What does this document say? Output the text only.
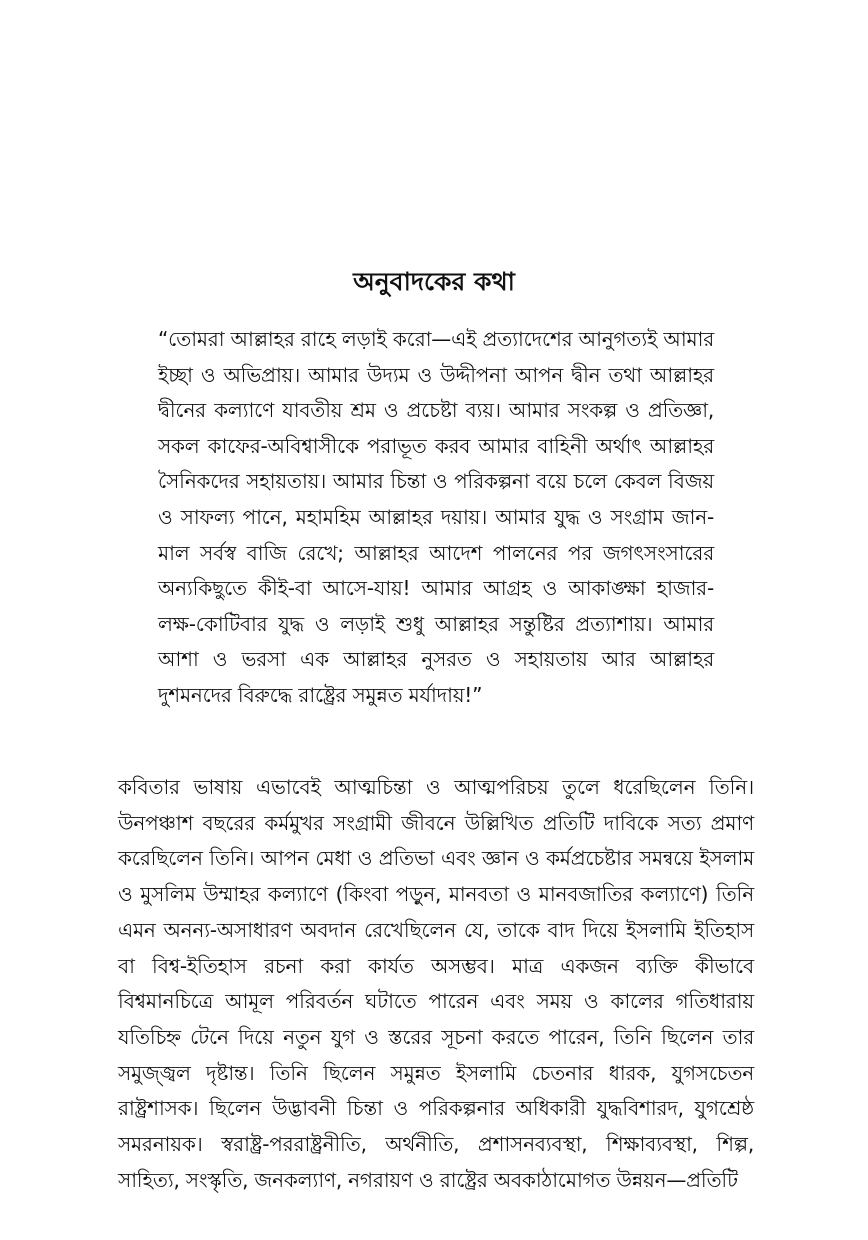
অনুবাদকের কথা

“তোমরা আল্লাহর রাহে লড়াই করো—এই প্রত্যাদেশের আনুগত্যই আমার ইচ্ছা ও অভিপ্রায়। আমার উদ্যম ও উদ্দীপনা আপন দ্বীন তথা আল্লাহর দ্বীনের কল্যাণে যাবতীয় শ্রম ও প্রচেষ্টা ব্যয়। আমার সংকল্প ও প্রতিজ্ঞা, সকল কাফের-অবিশ্বাসীকে পরাভূত করব আমার বাহিনী অর্থাৎ আল্লাহর সৈনিকদের সহায়তায়। আমার চিন্তা ও পরিকল্পনা বয়ে চলে কেবল বিজয় ও সাফল্য পানে, মহামহিম আল্লাহর দয়ায়। আমার যুদ্ধ ও সংগ্রাম জান-মাল সর্বস্ব বাজি রেখে; আল্লাহর আদেশ পালনের পর জগৎসংসারের অন্যকিছুতে কীই-বা আসে-যায়! আমার আগ্রহ ও আকাঙ্ক্ষা হাজার-লক্ষ-কোটিবার যুদ্ধ ও লড়াই শুধু আল্লাহর সন্তুষ্টির প্রত্যাশায়। আমার আশা ও ভরসা এক আল্লাহর নুসরত ও সহায়তায় আর আল্লাহর দুশমনদের বিরুদ্ধে রাষ্ট্রের সমুন্নত মর্যাদায়!”

কবিতার ভাষায় এভাবেই আত্মচিন্তা ও আত্মপরিচয় তুলে ধরেছিলেন তিনি। উনপঞ্চাশ বছরের কর্মমুখর সংগ্রামী জীবনে উল্লিখিত প্রতিটি দাবিকে সত্য প্রমাণ করেছিলেন তিনি। আপন মেধা ও প্রতিভা এবং জ্ঞান ও কর্মপ্রচেষ্টার সমন্বয়ে ইসলাম ও মুসলিম উম্মাহর কল্যাণে (কিংবা পড়ুন, মানবতা ও মানবজাতির কল্যাণে) তিনি এমন অনন্য-অসাধারণ অবদান রেখেছিলেন যে, তাকে বাদ দিয়ে ইসলামি ইতিহাস বা বিশ্ব-ইতিহাস রচনা করা কার্যত অসম্ভব। মাত্র একজন ব্যক্তি কীভাবে বিশ্বমানচিত্রে আমূল পরিবর্তন ঘটাতে পারেন এবং সময় ও কালের গতিধারায় যতিচিহ্ন টেনে দিয়ে নতুন যুগ ও স্তরের সূচনা করতে পারেন, তিনি ছিলেন তার সমুজ্জ্বল দৃষ্টান্ত। তিনি ছিলেন সমুন্নত ইসলামি চেতনার ধারক, যুগসচেতন রাষ্ট্রশাসক। ছিলেন উদ্ভাবনী চিন্তা ও পরিকল্পনার অধিকারী যুদ্ধবিশারদ, যুগশ্রেষ্ঠ সমরনায়ক। স্বরাষ্ট্র-পররাষ্ট্রনীতি, অর্থনীতি, প্রশাসনব্যবস্থা, শিক্ষাব্যবস্থা, শিল্প, সাহিত্য, সংস্কৃতি, জনকল্যাণ, নগরায়ণ ও রাষ্ট্রের অবকাঠামোগত উন্নয়ন—প্রতিটি
